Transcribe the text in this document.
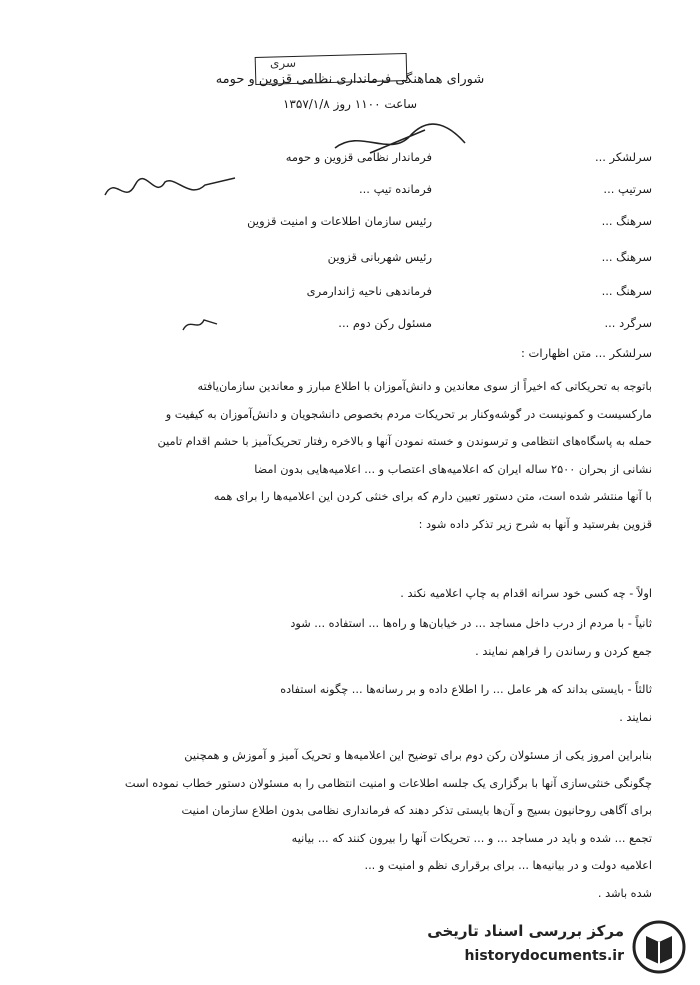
سری
شورای هماهنگی فرمانداری نظامی قزوین و حومه
ساعت ۱۱۰۰ روز ۱۳۵۷/۱/۸
سرلشکر ...
فرماندار نظامی قزوین و حومه
سرتیپ ...
فرمانده تیپ ...
سرهنگ ...
رئیس سازمان اطلاعات و امنیت قزوین
سرهنگ ...
رئیس شهربانی قزوین
سرهنگ ...
فرماندهی ناحیه ژاندارمری
سرگرد ...
مسئول رکن دوم ...
سرلشکر ... متن اظهارات :
باتوجه به تحریکاتی که اخیراً از سوی معاندین و دانش‌آموزان با اطلاع مبارز و معاندین سازمان‌یافته
مارکسیست و کمونیست در گوشه‌وکنار بر تحریکات مردم بخصوص دانشجویان و دانش‌آموزان به کیفیت و
حمله به پاسگاه‌های انتظامی و ترسوندن و خسته نمودن آنها و بالاخره رفتار تحریک‌آمیز با حشم اقدام تامین
نشانی از بحران ۲۵۰۰ ساله ایران که اعلامیه‌های اعتصاب و ... اعلامیه‌هایی بدون امضا
با آنها منتشر شده است، متن دستور تعیین دارم که برای خنثی کردن این اعلامیه‌ها را برای همه
قزوین بفرستید و آنها به شرح زیر تذکر داده شود :
اولاً - چه کسی خود سرانه اقدام به چاپ اعلامیه نکند .
ثانیاً - با مردم از درب داخل مساجد ... در خیابان‌ها و راه‌ها ... استفاده ... شود
جمع کردن و رساندن را فراهم نمایند .
ثالثاً - بایستی بداند که هر عامل ... را اطلاع داده و بر رسانه‌ها ... چگونه استفاده
نمایند .
بنابراین امروز یکی از مسئولان رکن دوم برای توضیح این اعلامیه‌ها و تحریک آمیز و آموزش و همچنین
چگونگی خنثی‌سازی آنها با برگزاری یک جلسه اطلاعات و امنیت انتظامی را به مسئولان دستور خطاب نموده است
برای آگاهی روحانیون بسیج و آن‌ها بایستی تذکر دهند که فرمانداری نظامی بدون اطلاع سازمان امنیت
تجمع ... شده و باید در مساجد ... و ... تحریکات آنها را بیرون کنند که ... بیانیه
اعلامیه دولت و در بیانیه‌ها ... برای برقراری نظم و امنیت و ...
شده باشد .
مرکز بررسی اسناد تاریخی
historydocuments.ir
